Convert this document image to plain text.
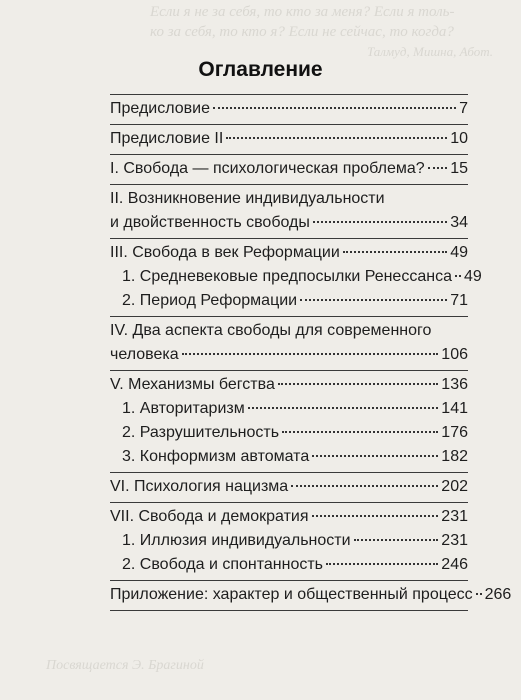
Если я не за себя, то кто за меня? Если я толь-
ко за себя, то кто я? Если не сейчас, то когда?
Талмуд, Мишна, Абот.
Посвящается Э. Брагиной
Оглавление
Предисловие	7
Предисловие II	10
I. Свобода — психологическая проблема? 15
II. Возникновение индивидуальности
и двойственность свободы	34
III. Свобода в век Реформации	49
1. Средневековые предпосылки Ренессанса 49
2. Период Реформации	71
IV. Два аспекта свободы для современного
человека	106
V. Механизмы бегства	136
1. Авторитаризм	141
2. Разрушительность	176
3. Конформизм автомата	182
VI. Психология нацизма	202
VII. Свобода и демократия	231
1. Иллюзия индивидуальности	231
2. Свобода и спонтанность	246
Приложение: характер и общественный процесс 266
